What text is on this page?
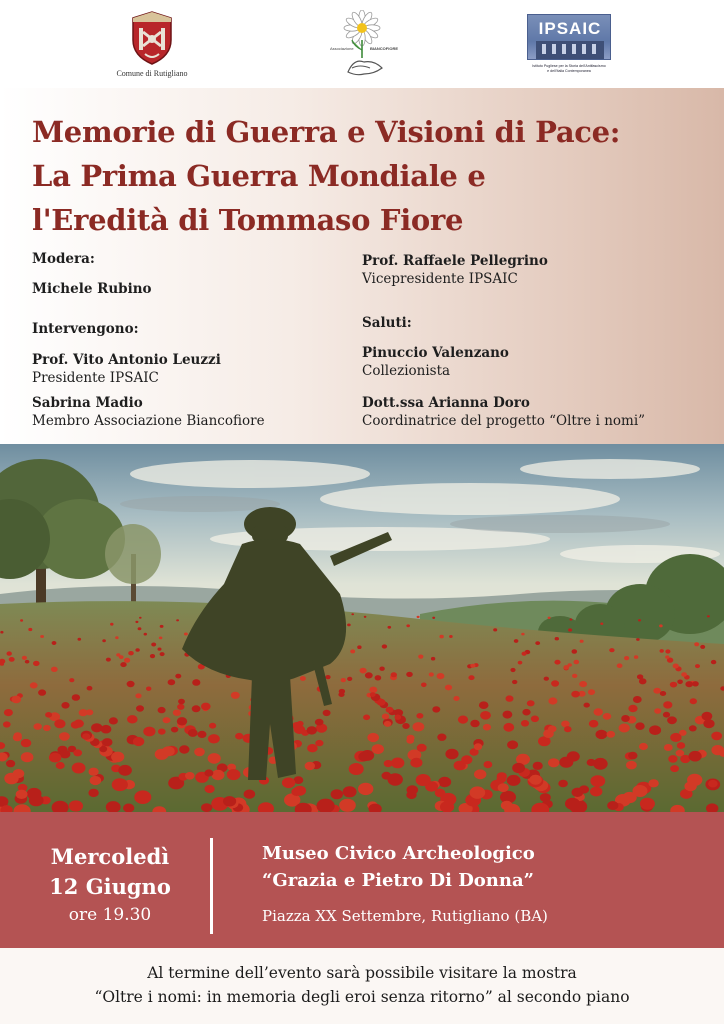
Comune di Rutigliano
Associazione	BIANCOFIORE
IPSAIC
Istituto Pugliese per la Storia dell'Antifascismo
e dell'Italia Contemporanea
Memorie di Guerra e Visioni di Pace:
La Prima Guerra Mondiale e
l'Eredità di Tommaso Fiore
Modera:
Michele Rubino
Intervengono:
Prof. Vito Antonio Leuzzi
Presidente IPSAIC
Sabrina Madio
Membro Associazione Biancofiore
Prof. Raffaele Pellegrino
Vicepresidente IPSAIC
Saluti:
Pinuccio Valenzano
Collezionista
Dott.ssa Arianna Doro
Coordinatrice del progetto “Oltre i nomi”
Mercoledì
12 Giugno
ore 19.30
Museo Civico Archeologico
“Grazia e Pietro Di Donna”
Piazza XX Settembre, Rutigliano (BA)
Al termine dell’evento sarà possibile visitare la mostra
“Oltre i nomi: in memoria degli eroi senza ritorno” al secondo piano
